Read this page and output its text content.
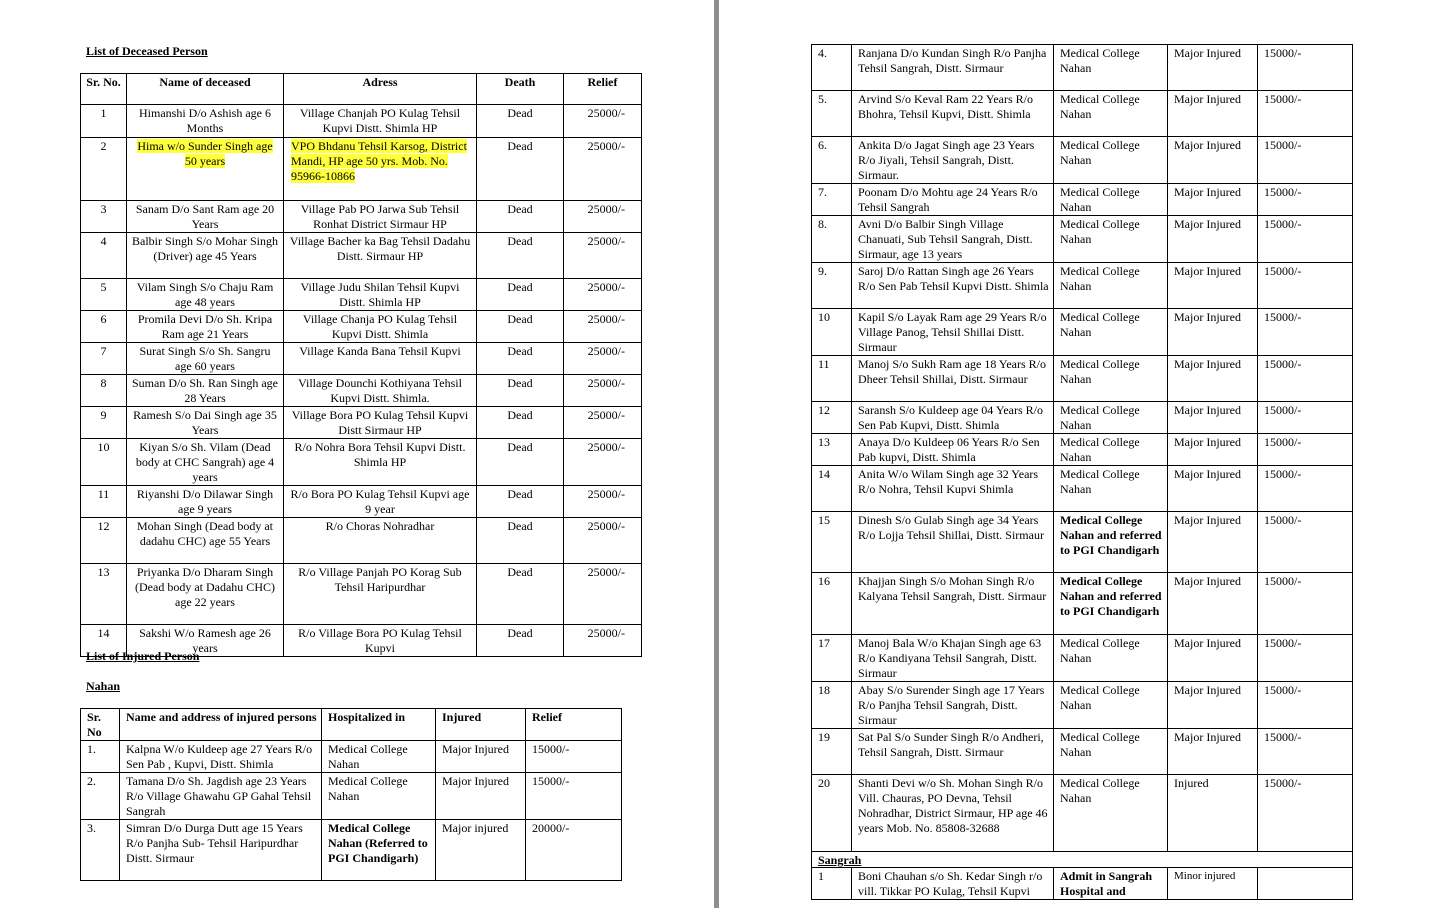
List of Deceased Person
Sr. No.	Name of deceased	Adress	Death	Relief
1	Himanshi D/o Ashish age 6 Months	Village Chanjah PO Kulag Tehsil Kupvi Distt. Shimla HP	Dead	25000/-
2	Hima w/o Sunder Singh age 50 years	VPO Bhdanu Tehsil Karsog, District Mandi, HP age 50 yrs. Mob. No. 95966-10866	Dead	25000/-
3	Sanam D/o Sant Ram age 20 Years	Village Pab PO Jarwa Sub Tehsil Ronhat District Sirmaur HP	Dead	25000/-
4	Balbir Singh S/o Mohar Singh (Driver) age 45 Years	Village Bacher ka Bag Tehsil Dadahu Distt. Sirmaur HP	Dead	25000/-
5	Vilam Singh S/o Chaju Ram age 48 years	Village Judu Shilan Tehsil Kupvi Distt. Shimla HP	Dead	25000/-
6	Promila Devi D/o Sh. Kripa Ram age 21 Years	Village Chanja PO Kulag Tehsil Kupvi Distt. Shimla	Dead	25000/-
7	Surat Singh S/o Sh. Sangru age 60 years	Village Kanda Bana Tehsil Kupvi	Dead	25000/-
8	Suman D/o Sh. Ran Singh age 28 Years	Village Dounchi Kothiyana Tehsil Kupvi Distt. Shimla.	Dead	25000/-
9	Ramesh S/o Dai Singh age 35 Years	Village Bora PO Kulag Tehsil Kupvi Distt Sirmaur HP	Dead	25000/-
10	Kiyan S/o Sh. Vilam (Dead body at CHC Sangrah) age 4 years	R/o Nohra Bora Tehsil Kupvi Distt. Shimla HP	Dead	25000/-
11	Riyanshi D/o Dilawar Singh age 9 years	R/o Bora PO Kulag Tehsil Kupvi age 9 year	Dead	25000/-
12	Mohan Singh (Dead body at dadahu CHC) age 55 Years	R/o Choras Nohradhar	Dead	25000/-
13	Priyanka D/o Dharam Singh (Dead body at Dadahu CHC) age 22 years	R/o Village Panjah PO Korag Sub Tehsil Haripurdhar	Dead	25000/-
14	Sakshi W/o Ramesh age 26 years	R/o Village Bora PO Kulag Tehsil Kupvi	Dead	25000/-
List of Injured Person
Nahan
Sr. No	Name and address of injured persons	Hospitalized in	Injured	Relief
1.	Kalpna W/o Kuldeep age 27 Years R/o Sen Pab , Kupvi, Distt. Shimla	Medical College Nahan	Major Injured	15000/-
2.	Tamana D/o Sh. Jagdish age 23 Years R/o Village Ghawahu GP Gahal Tehsil Sangrah	Medical College Nahan	Major Injured	15000/-
3.	Simran D/o Durga Dutt age 15 Years R/o Panjha Sub- Tehsil Haripurdhar Distt. Sirmaur	Medical College Nahan (Referred to PGI Chandigarh)	Major injured	20000/-
4.	Ranjana D/o Kundan Singh R/o Panjha Tehsil Sangrah, Distt. Sirmaur	Medical College Nahan	Major Injured	15000/-
5.	Arvind S/o Keval Ram 22 Years R/o Bhohra, Tehsil Kupvi, Distt. Shimla	Medical College Nahan	Major Injured	15000/-
6.	Ankita D/o Jagat Singh age 23 Years R/o Jiyali, Tehsil Sangrah, Distt. Sirmaur.	Medical College Nahan	Major Injured	15000/-
7.	Poonam D/o Mohtu age 24 Years R/o Tehsil Sangrah	Medical College Nahan	Major Injured	15000/-
8.	Avni D/o Balbir Singh Village Chanuati, Sub Tehsil Sangrah, Distt. Sirmaur, age 13 years	Medical College Nahan	Major Injured	15000/-
9.	Saroj D/o Rattan Singh age 26 Years R/o Sen Pab Tehsil Kupvi Distt. Shimla	Medical College Nahan	Major Injured	15000/-
10	Kapil S/o Layak Ram age 29 Years R/o Village Panog, Tehsil Shillai Distt. Sirmaur	Medical College Nahan	Major Injured	15000/-
11	Manoj S/o Sukh Ram age 18 Years R/o Dheer Tehsil Shillai, Distt. Sirmaur	Medical College Nahan	Major Injured	15000/-
12	Saransh S/o Kuldeep age 04 Years R/o Sen Pab Kupvi, Distt. Shimla	Medical College Nahan	Major Injured	15000/-
13	Anaya D/o Kuldeep 06 Years R/o Sen Pab kupvi, Distt. Shimla	Medical College Nahan	Major Injured	15000/-
14	Anita W/o Wilam Singh age 32 Years R/o Nohra, Tehsil Kupvi Shimla	Medical College Nahan	Major Injured	15000/-
15	Dinesh S/o Gulab Singh age 34 Years R/o Lojja Tehsil Shillai, Distt. Sirmaur	Medical College Nahan and referred to PGI Chandigarh	Major Injured	15000/-
16	Khajjan Singh S/o Mohan Singh R/o Kalyana Tehsil Sangrah, Distt. Sirmaur	Medical College Nahan and referred to PGI Chandigarh	Major Injured	15000/-
17	Manoj Bala W/o Khajan Singh age 63 R/o Kandiyana Tehsil Sangrah, Distt. Sirmaur	Medical College Nahan	Major Injured	15000/-
18	Abay S/o Surender Singh age 17 Years R/o Panjha Tehsil Sangrah, Distt. Sirmaur	Medical College Nahan	Major Injured	15000/-
19	Sat Pal S/o Sunder Singh R/o Andheri, Tehsil Sangrah, Distt. Sirmaur	Medical College Nahan	Major Injured	15000/-
20	Shanti Devi w/o Sh. Mohan Singh R/o Vill. Chauras, PO Devna, Tehsil Nohradhar, District Sirmaur, HP age 46 years Mob. No. 85808-32688	Medical College Nahan	Injured	15000/-
Sangrah				
1	Boni Chauhan s/o Sh. Kedar Singh r/o vill. Tikkar PO Kulag, Tehsil Kupvi	Admit in Sangrah Hospital and	Minor injured	
